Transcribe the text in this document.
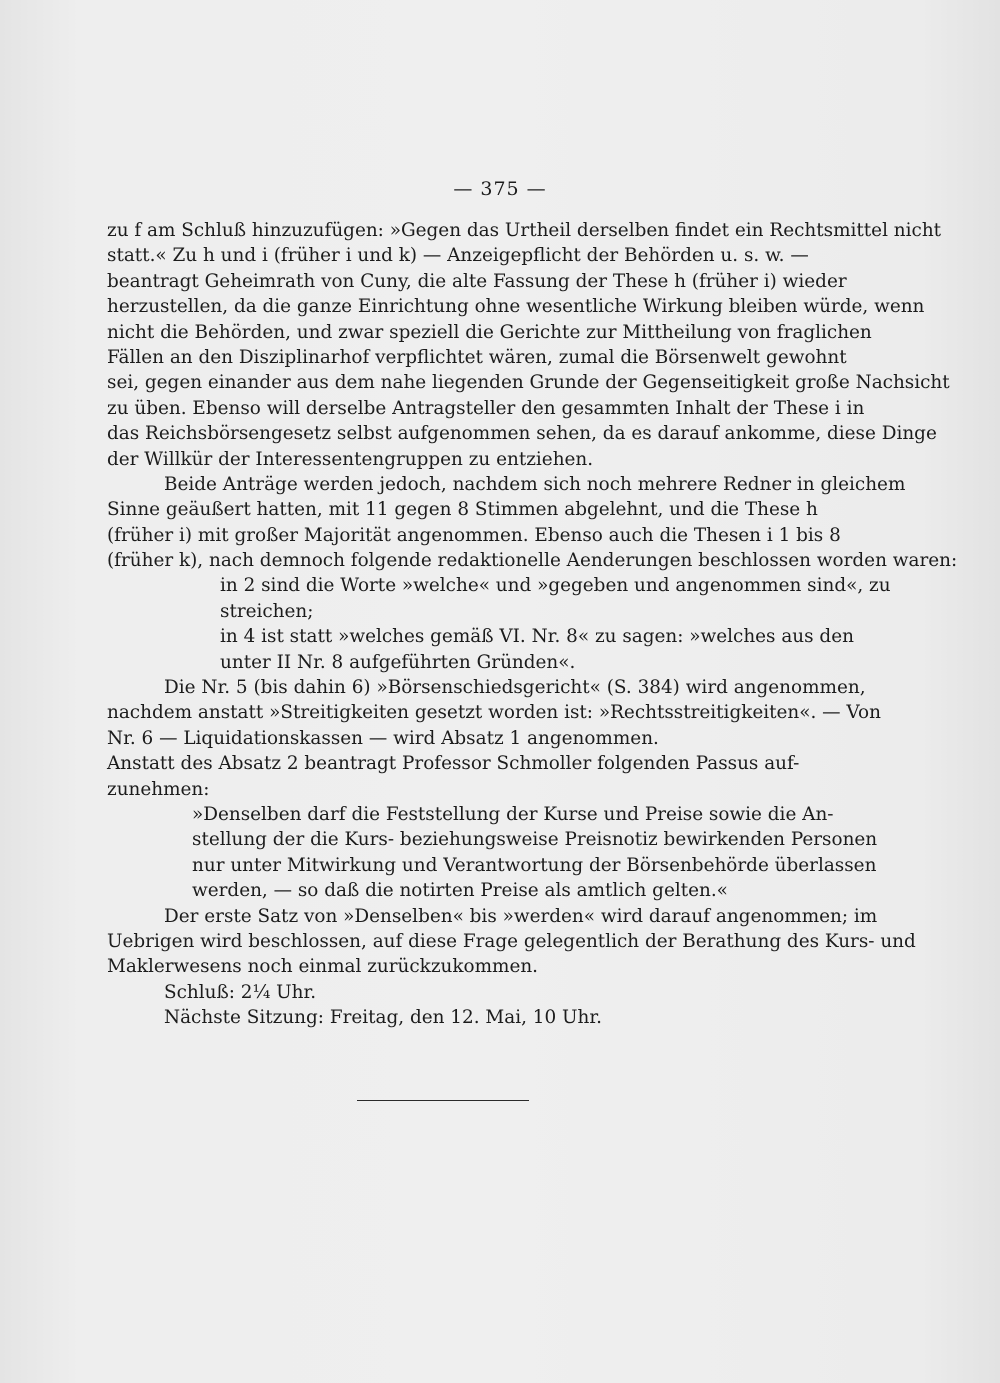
— 375 —
zu f am Schluß hinzuzufügen: »Gegen das Urtheil derselben findet ein Rechtsmittel nicht
statt.« Zu h und i (früher i und k) — Anzeigepflicht der Behörden u. s. w. —
beantragt Geheimrath von Cuny, die alte Fassung der These h (früher i) wieder
herzustellen, da die ganze Einrichtung ohne wesentliche Wirkung bleiben würde, wenn
nicht die Behörden, und zwar speziell die Gerichte zur Mittheilung von fraglichen
Fällen an den Disziplinarhof verpflichtet wären, zumal die Börsenwelt gewohnt
sei, gegen einander aus dem nahe liegenden Grunde der Gegenseitigkeit große Nachsicht
zu üben. Ebenso will derselbe Antragsteller den gesammten Inhalt der These i in
das Reichsbörsengesetz selbst aufgenommen sehen, da es darauf ankomme, diese Dinge
der Willkür der Interessentengruppen zu entziehen.
Beide Anträge werden jedoch, nachdem sich noch mehrere Redner in gleichem
Sinne geäußert hatten, mit 11 gegen 8 Stimmen abgelehnt, und die These h
(früher i) mit großer Majorität angenommen. Ebenso auch die Thesen i 1 bis 8
(früher k), nach demnoch folgende redaktionelle Aenderungen beschlossen worden waren:
in 2 sind die Worte »welche« und »gegeben und angenommen sind«, zu
streichen;
in 4 ist statt »welches gemäß VI. Nr. 8« zu sagen: »welches aus den
unter II Nr. 8 aufgeführten Gründen«.
Die Nr. 5 (bis dahin 6) »Börsenschiedsgericht« (S. 384) wird angenommen,
nachdem anstatt »Streitigkeiten gesetzt worden ist: »Rechtsstreitigkeiten«. — Von
Nr. 6 — Liquidationskassen — wird Absatz 1 angenommen.
Anstatt des Absatz 2 beantragt Professor Schmoller folgenden Passus auf-
zunehmen:
»Denselben darf die Feststellung der Kurse und Preise sowie die An-
stellung der die Kurs- beziehungsweise Preisnotiz bewirkenden Personen
nur unter Mitwirkung und Verantwortung der Börsenbehörde überlassen
werden, — so daß die notirten Preise als amtlich gelten.«
Der erste Satz von »Denselben« bis »werden« wird darauf angenommen; im
Uebrigen wird beschlossen, auf diese Frage gelegentlich der Berathung des Kurs- und
Maklerwesens noch einmal zurückzukommen.
Schluß: 2¼ Uhr.
Nächste Sitzung: Freitag, den 12. Mai, 10 Uhr.
